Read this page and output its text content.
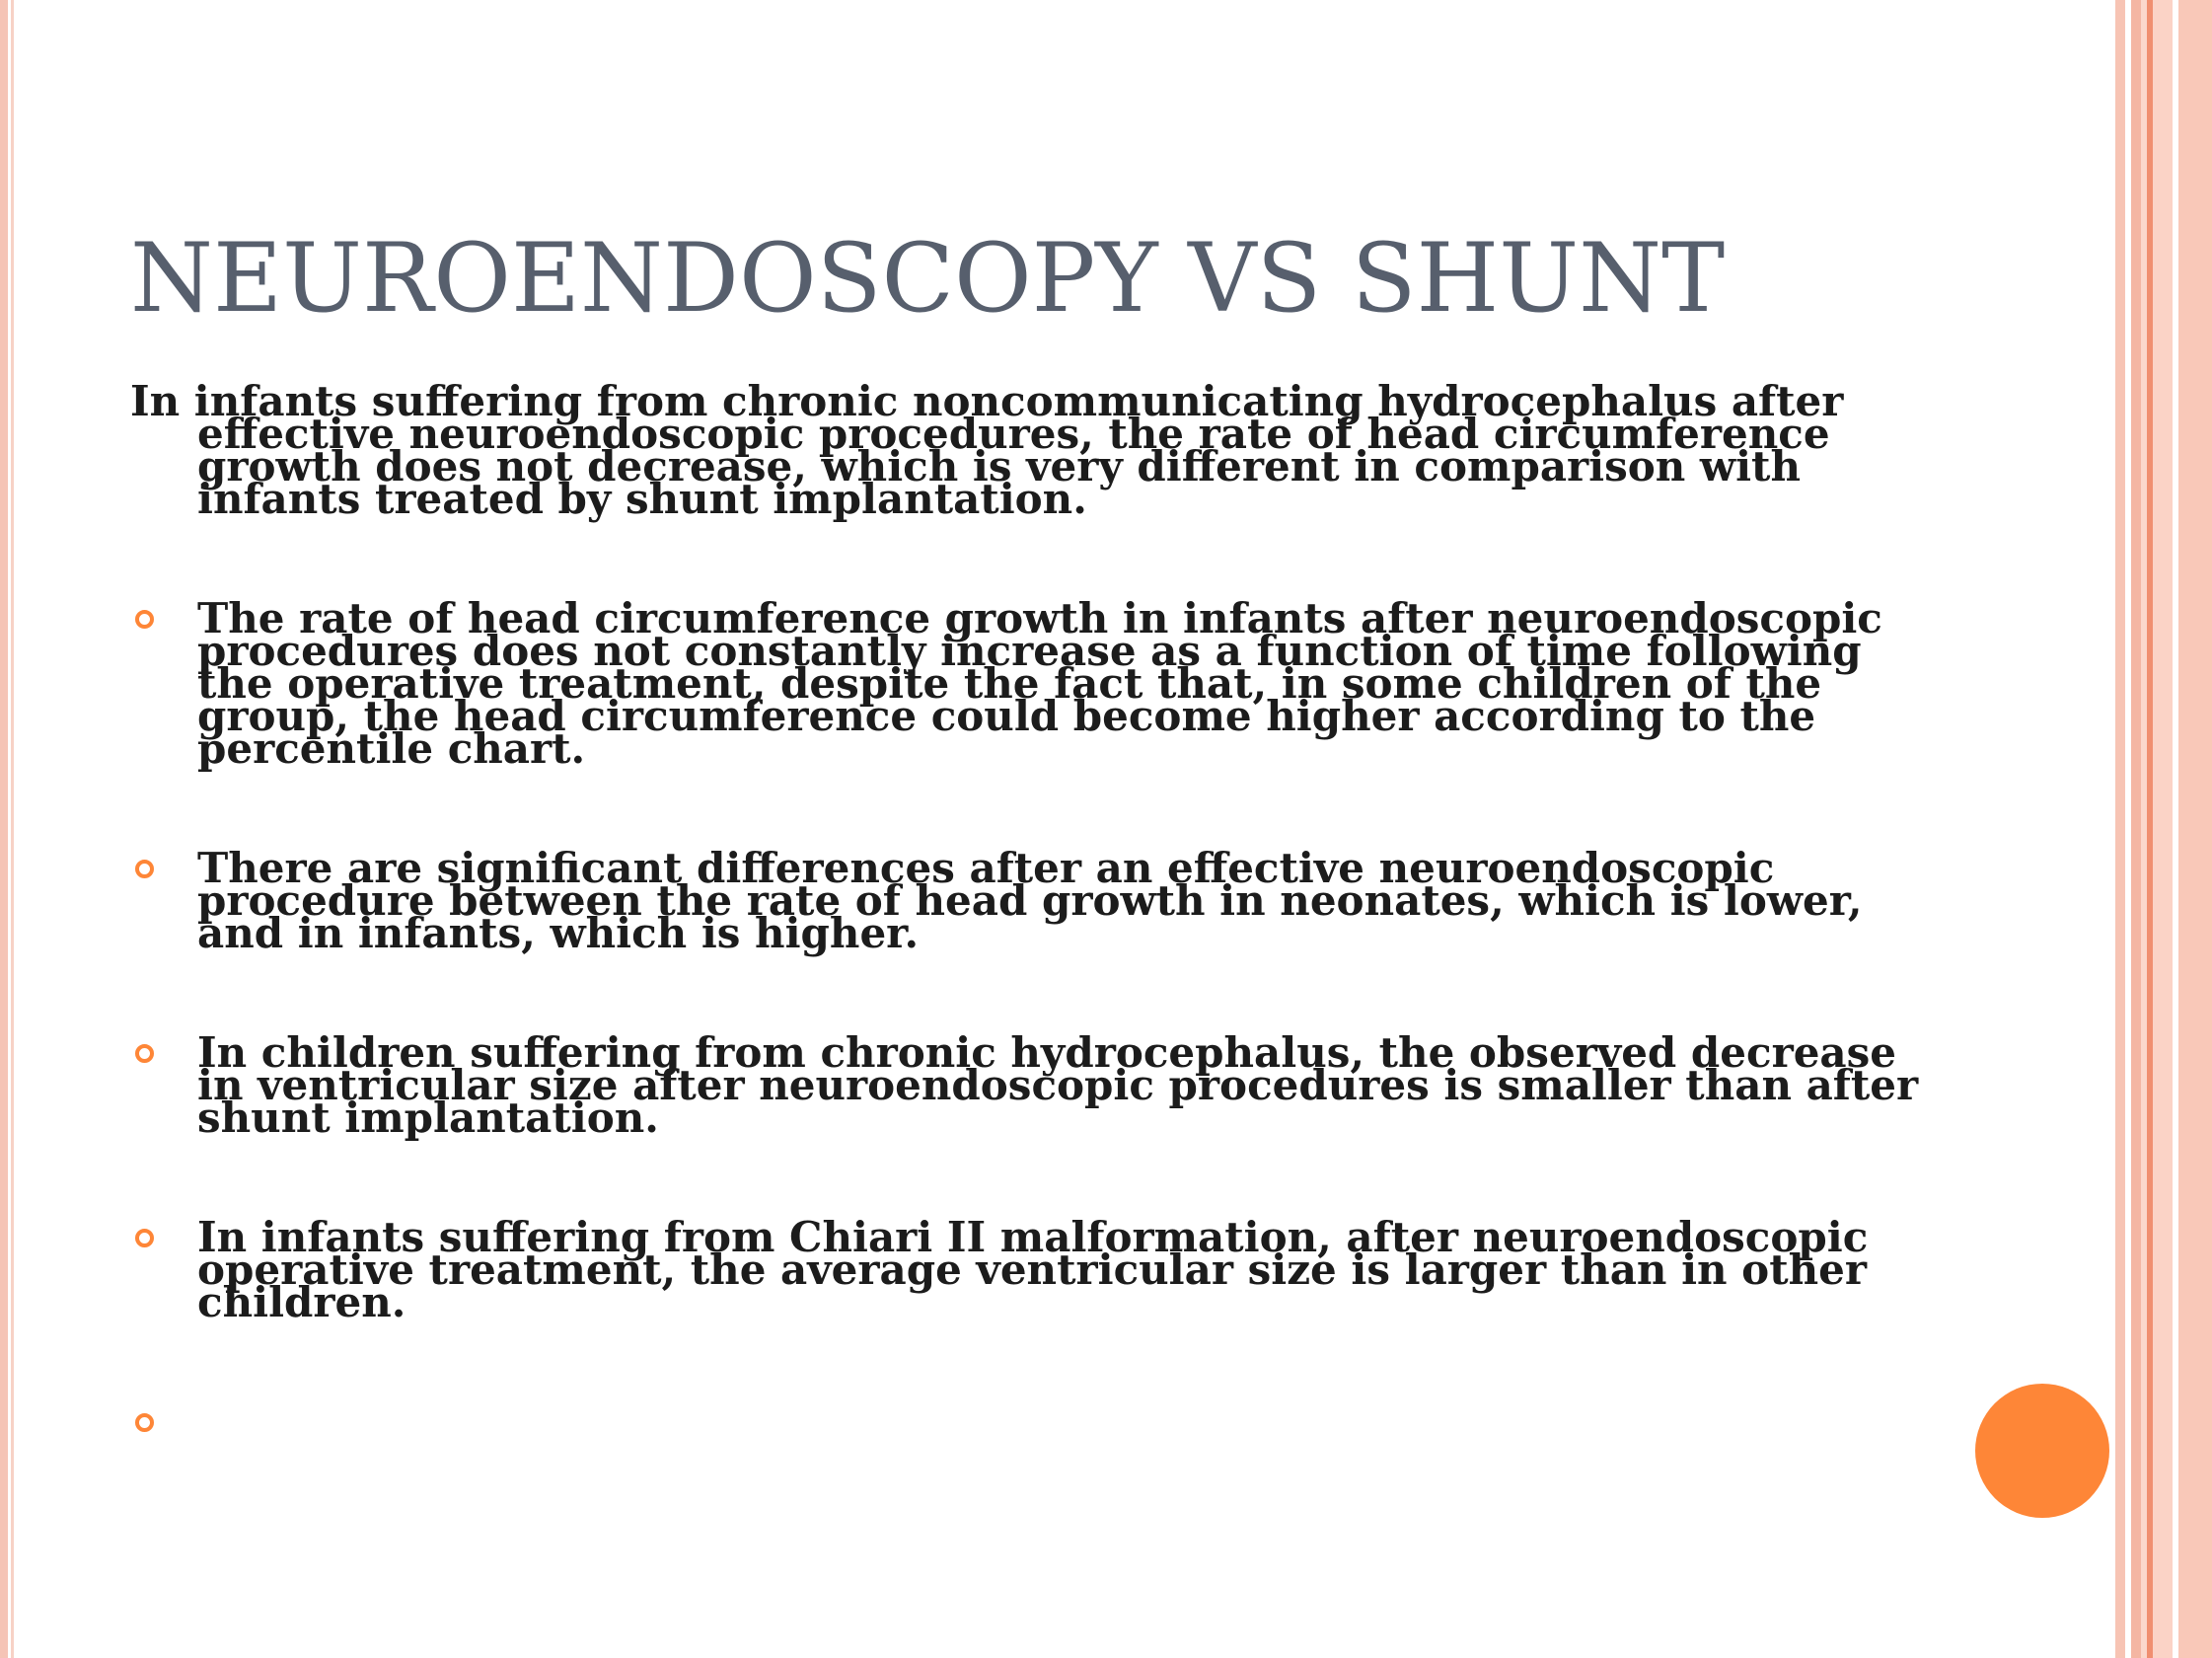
NEUROENDOSCOPY VS SHUNT

In infants suffering from chronic noncommunicating hydrocephalus after effective neuroendoscopic procedures, the rate of head circumference growth does not decrease, which is very different in comparison with infants treated by shunt implantation.

The rate of head circumference growth in infants after neuroendoscopic procedures does not constantly increase as a function of time following the operative treatment, despite the fact that, in some children of the group, the head circumference could become higher according to the percentile chart.
There are significant differences after an effective neuroendoscopic procedure between the rate of head growth in neonates, which is lower, and in infants, which is higher.
In children suffering from chronic hydrocephalus, the observed decrease in ventricular size after neuroendoscopic procedures is smaller than after shunt implantation.
In infants suffering from Chiari II malformation, after neuroendoscopic operative treatment, the average ventricular size is larger than in other children.
